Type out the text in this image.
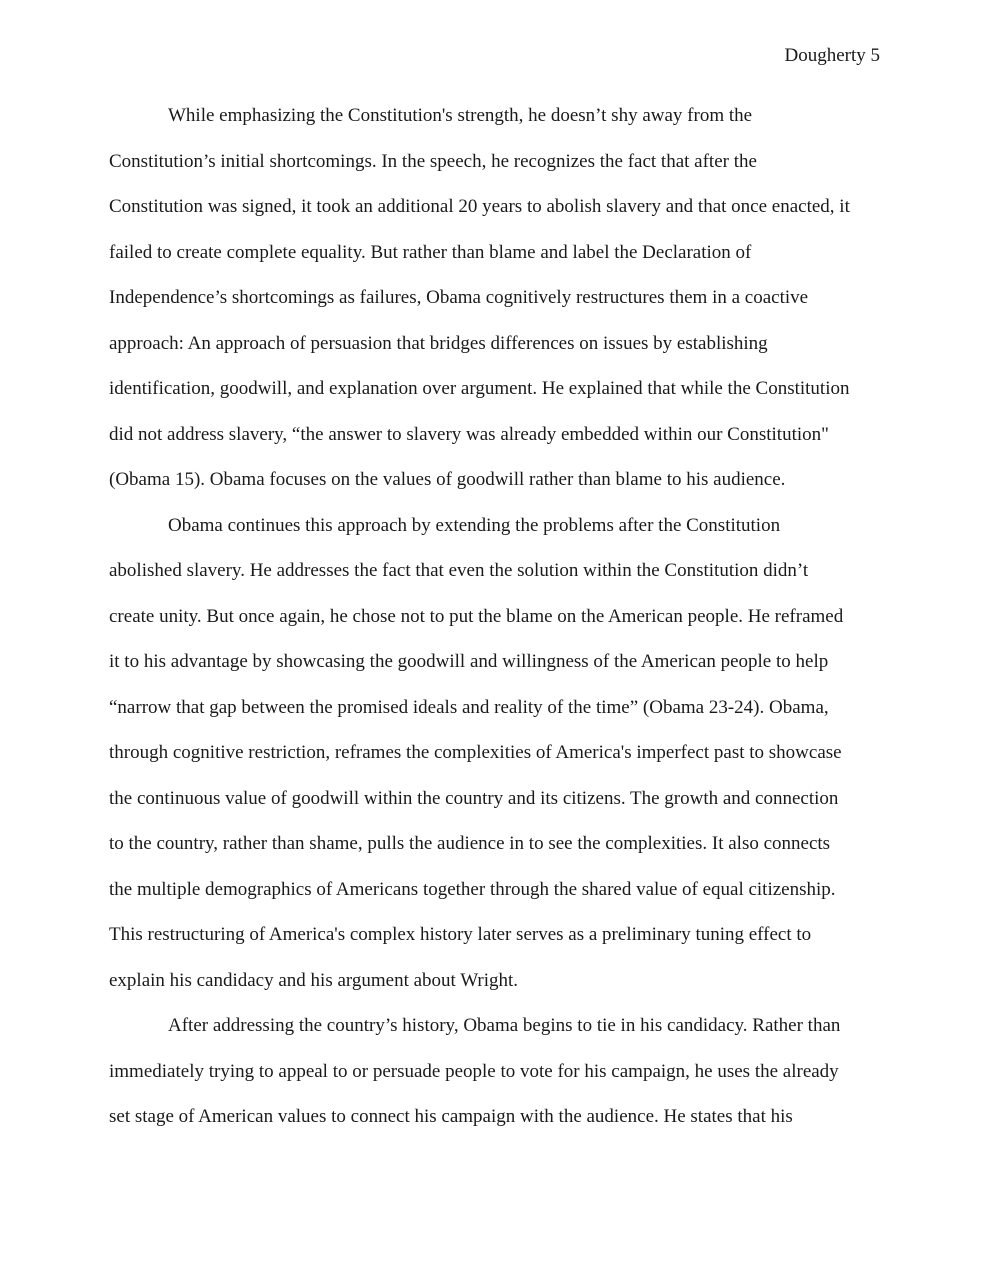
Dougherty 5
While emphasizing the Constitution's strength, he doesn’t shy away from the
Constitution’s initial shortcomings. In the speech, he recognizes the fact that after the
Constitution was signed, it took an additional 20 years to abolish slavery and that once enacted, it
failed to create complete equality. But rather than blame and label the Declaration of
Independence’s shortcomings as failures, Obama cognitively restructures them in a coactive
approach: An approach of persuasion that bridges differences on issues by establishing
identification, goodwill, and explanation over argument. He explained that while the Constitution
did not address slavery, “the answer to slavery was already embedded within our Constitution"
(Obama 15). Obama focuses on the values of goodwill rather than blame to his audience.
Obama continues this approach by extending the problems after the Constitution
abolished slavery. He addresses the fact that even the solution within the Constitution didn’t
create unity. But once again, he chose not to put the blame on the American people. He reframed
it to his advantage by showcasing the goodwill and willingness of the American people to help
“narrow that gap between the promised ideals and reality of the time” (Obama 23-24). Obama,
through cognitive restriction, reframes the complexities of America's imperfect past to showcase
the continuous value of goodwill within the country and its citizens. The growth and connection
to the country, rather than shame, pulls the audience in to see the complexities. It also connects
the multiple demographics of Americans together through the shared value of equal citizenship.
This restructuring of America's complex history later serves as a preliminary tuning effect to
explain his candidacy and his argument about Wright.
After addressing the country’s history, Obama begins to tie in his candidacy. Rather than
immediately trying to appeal to or persuade people to vote for his campaign, he uses the already
set stage of American values to connect his campaign with the audience. He states that his
